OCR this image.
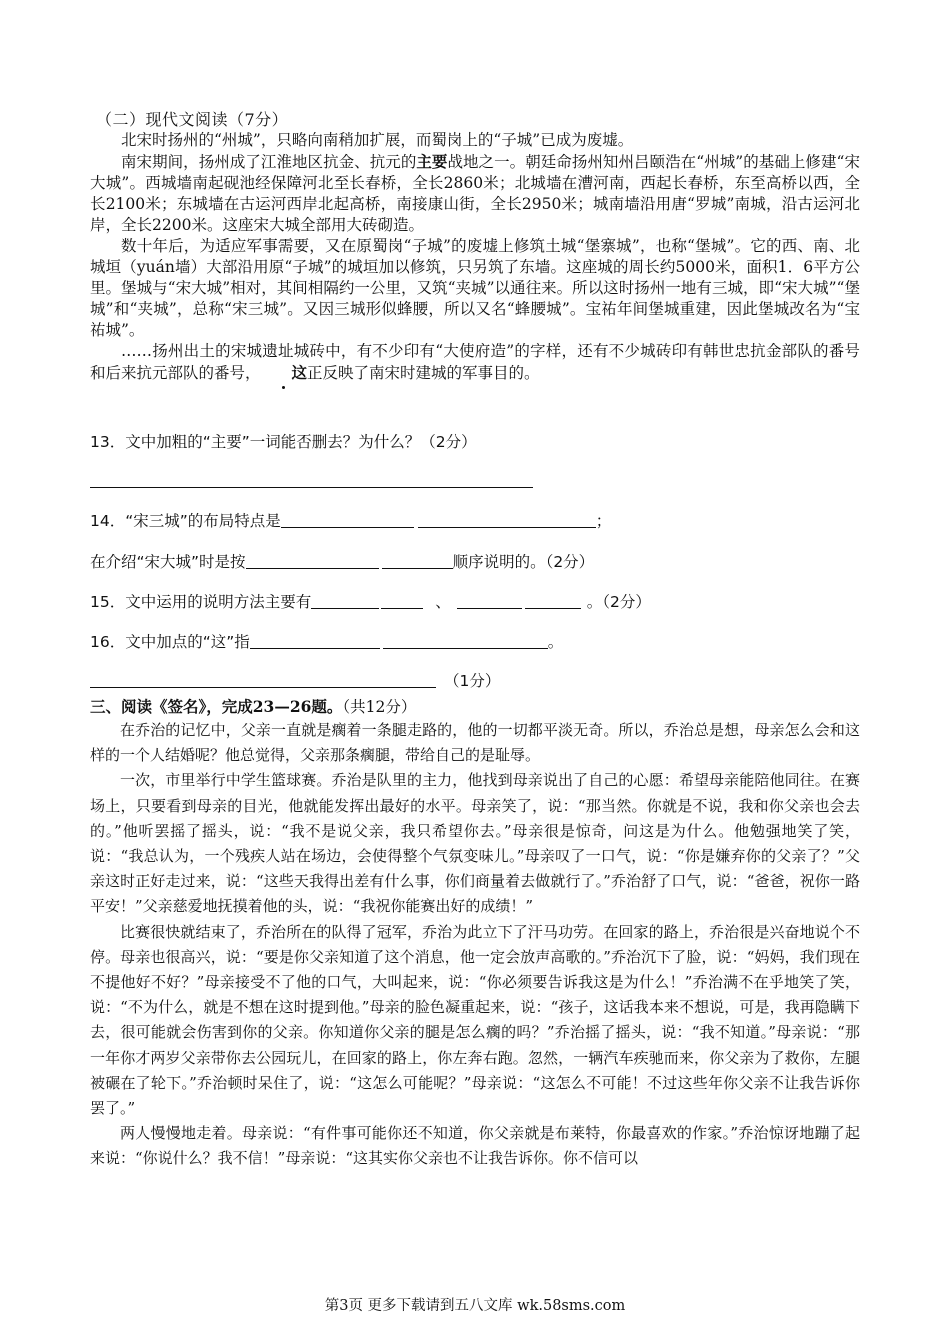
（二）现代文阅读（7分）

北宋时扬州的“州城”，只略向南稍加扩展，而蜀岗上的“子城”已成为废墟。

南宋期间，扬州成了江淮地区抗金、抗元的主要战地之一。朝廷命扬州知州吕颐浩在“州城”的基础上修建“宋大城”。西城墙南起砚池经保障河北至长春桥，全长2860米；北城墙在漕河南，西起长春桥，东至高桥以西，全长2100米；东城墙在古运河西岸北起高桥，南接康山街，全长2950米；城南墙沿用唐“罗城”南城，沿古运河北岸，全长2200米。这座宋大城全部用大砖砌造。

数十年后，为适应军事需要，又在原蜀岗“子城”的废墟上修筑土城“堡寨城”，也称“堡城”。它的西、南、北城垣（yuán墙）大部沿用原“子城”的城垣加以修筑，只另筑了东墙。这座城的周长约5000米，面积1．6平方公里。堡城与“宋大城”相对，其间相隔约一公里，又筑“夹城”以通往来。所以这时扬州一地有三城，即“宋大城”“堡城”和“夹城”，总称“宋三城”。又因三城形似蜂腰，所以又名“蜂腰城”。宝祐年间堡城重建，因此堡城改名为“宝祐城”。

……扬州出土的宋城遗址城砖中，有不少印有“大使府造”的字样，还有不少城砖印有韩世忠抗金部队的番号和后来抗元部队的番号， 这正反映了南宋时建城的军事目的。

13．文中加粗的“主要”一词能否删去？为什么？（2分）
14．“宋三城”的布局特点是	；
在介绍“宋大城”时是按	顺序说明的。（2分）
15．文中运用的说明方法主要有	、	。（2分）
16．文中加点的“这”指	。
（1分）
三、阅读《签名》，完成23—26题。（共12分）

在乔治的记忆中，父亲一直就是瘸着一条腿走路的，他的一切都平淡无奇。所以，乔治总是想，母亲怎么会和这样的一个人结婚呢？他总觉得，父亲那条瘸腿，带给自己的是耻辱。

一次，市里举行中学生篮球赛。乔治是队里的主力，他找到母亲说出了自己的心愿：希望母亲能陪他同往。在赛场上，只要看到母亲的目光，他就能发挥出最好的水平。母亲笑了，说：“那当然。你就是不说，我和你父亲也会去的。”他听罢摇了摇头，说：“我不是说父亲，我只希望你去。”母亲很是惊奇，问这是为什么。他勉强地笑了笑，说：“我总认为，一个残疾人站在场边，会使得整个气氛变味儿。”母亲叹了一口气，说：“你是嫌弃你的父亲了？”父亲这时正好走过来，说：“这些天我得出差有什么事，你们商量着去做就行了。”乔治舒了口气，说：“爸爸，祝你一路平安！”父亲慈爱地抚摸着他的头，说：“我祝你能赛出好的成绩！”

比赛很快就结束了，乔治所在的队得了冠军，乔治为此立下了汗马功劳。在回家的路上，乔治很是兴奋地说个不停。母亲也很高兴，说：“要是你父亲知道了这个消息，他一定会放声高歌的。”乔治沉下了脸，说：“妈妈，我们现在不提他好不好？”母亲接受不了他的口气，大叫起来，说：“你必须要告诉我这是为什么！”乔治满不在乎地笑了笑，说：“不为什么，就是不想在这时提到他。”母亲的脸色凝重起来，说：“孩子，这话我本来不想说，可是，我再隐瞒下去，很可能就会伤害到你的父亲。你知道你父亲的腿是怎么瘸的吗？”乔治摇了摇头，说：“我不知道。”母亲说：“那一年你才两岁父亲带你去公园玩儿，在回家的路上，你左奔右跑。忽然，一辆汽车疾驰而来，你父亲为了救你，左腿被碾在了轮下。”乔治顿时呆住了，说：“这怎么可能呢？”母亲说：“这怎么不可能！不过这些年你父亲不让我告诉你罢了。”

两人慢慢地走着。母亲说：“有件事可能你还不知道，你父亲就是布莱特，你最喜欢的作家。”乔治惊讶地蹦了起来说：“你说什么？我不信！”母亲说：“这其实你父亲也不让我告诉你。你不信可以

第3页 更多下载请到五八文库 wk.58sms.com
